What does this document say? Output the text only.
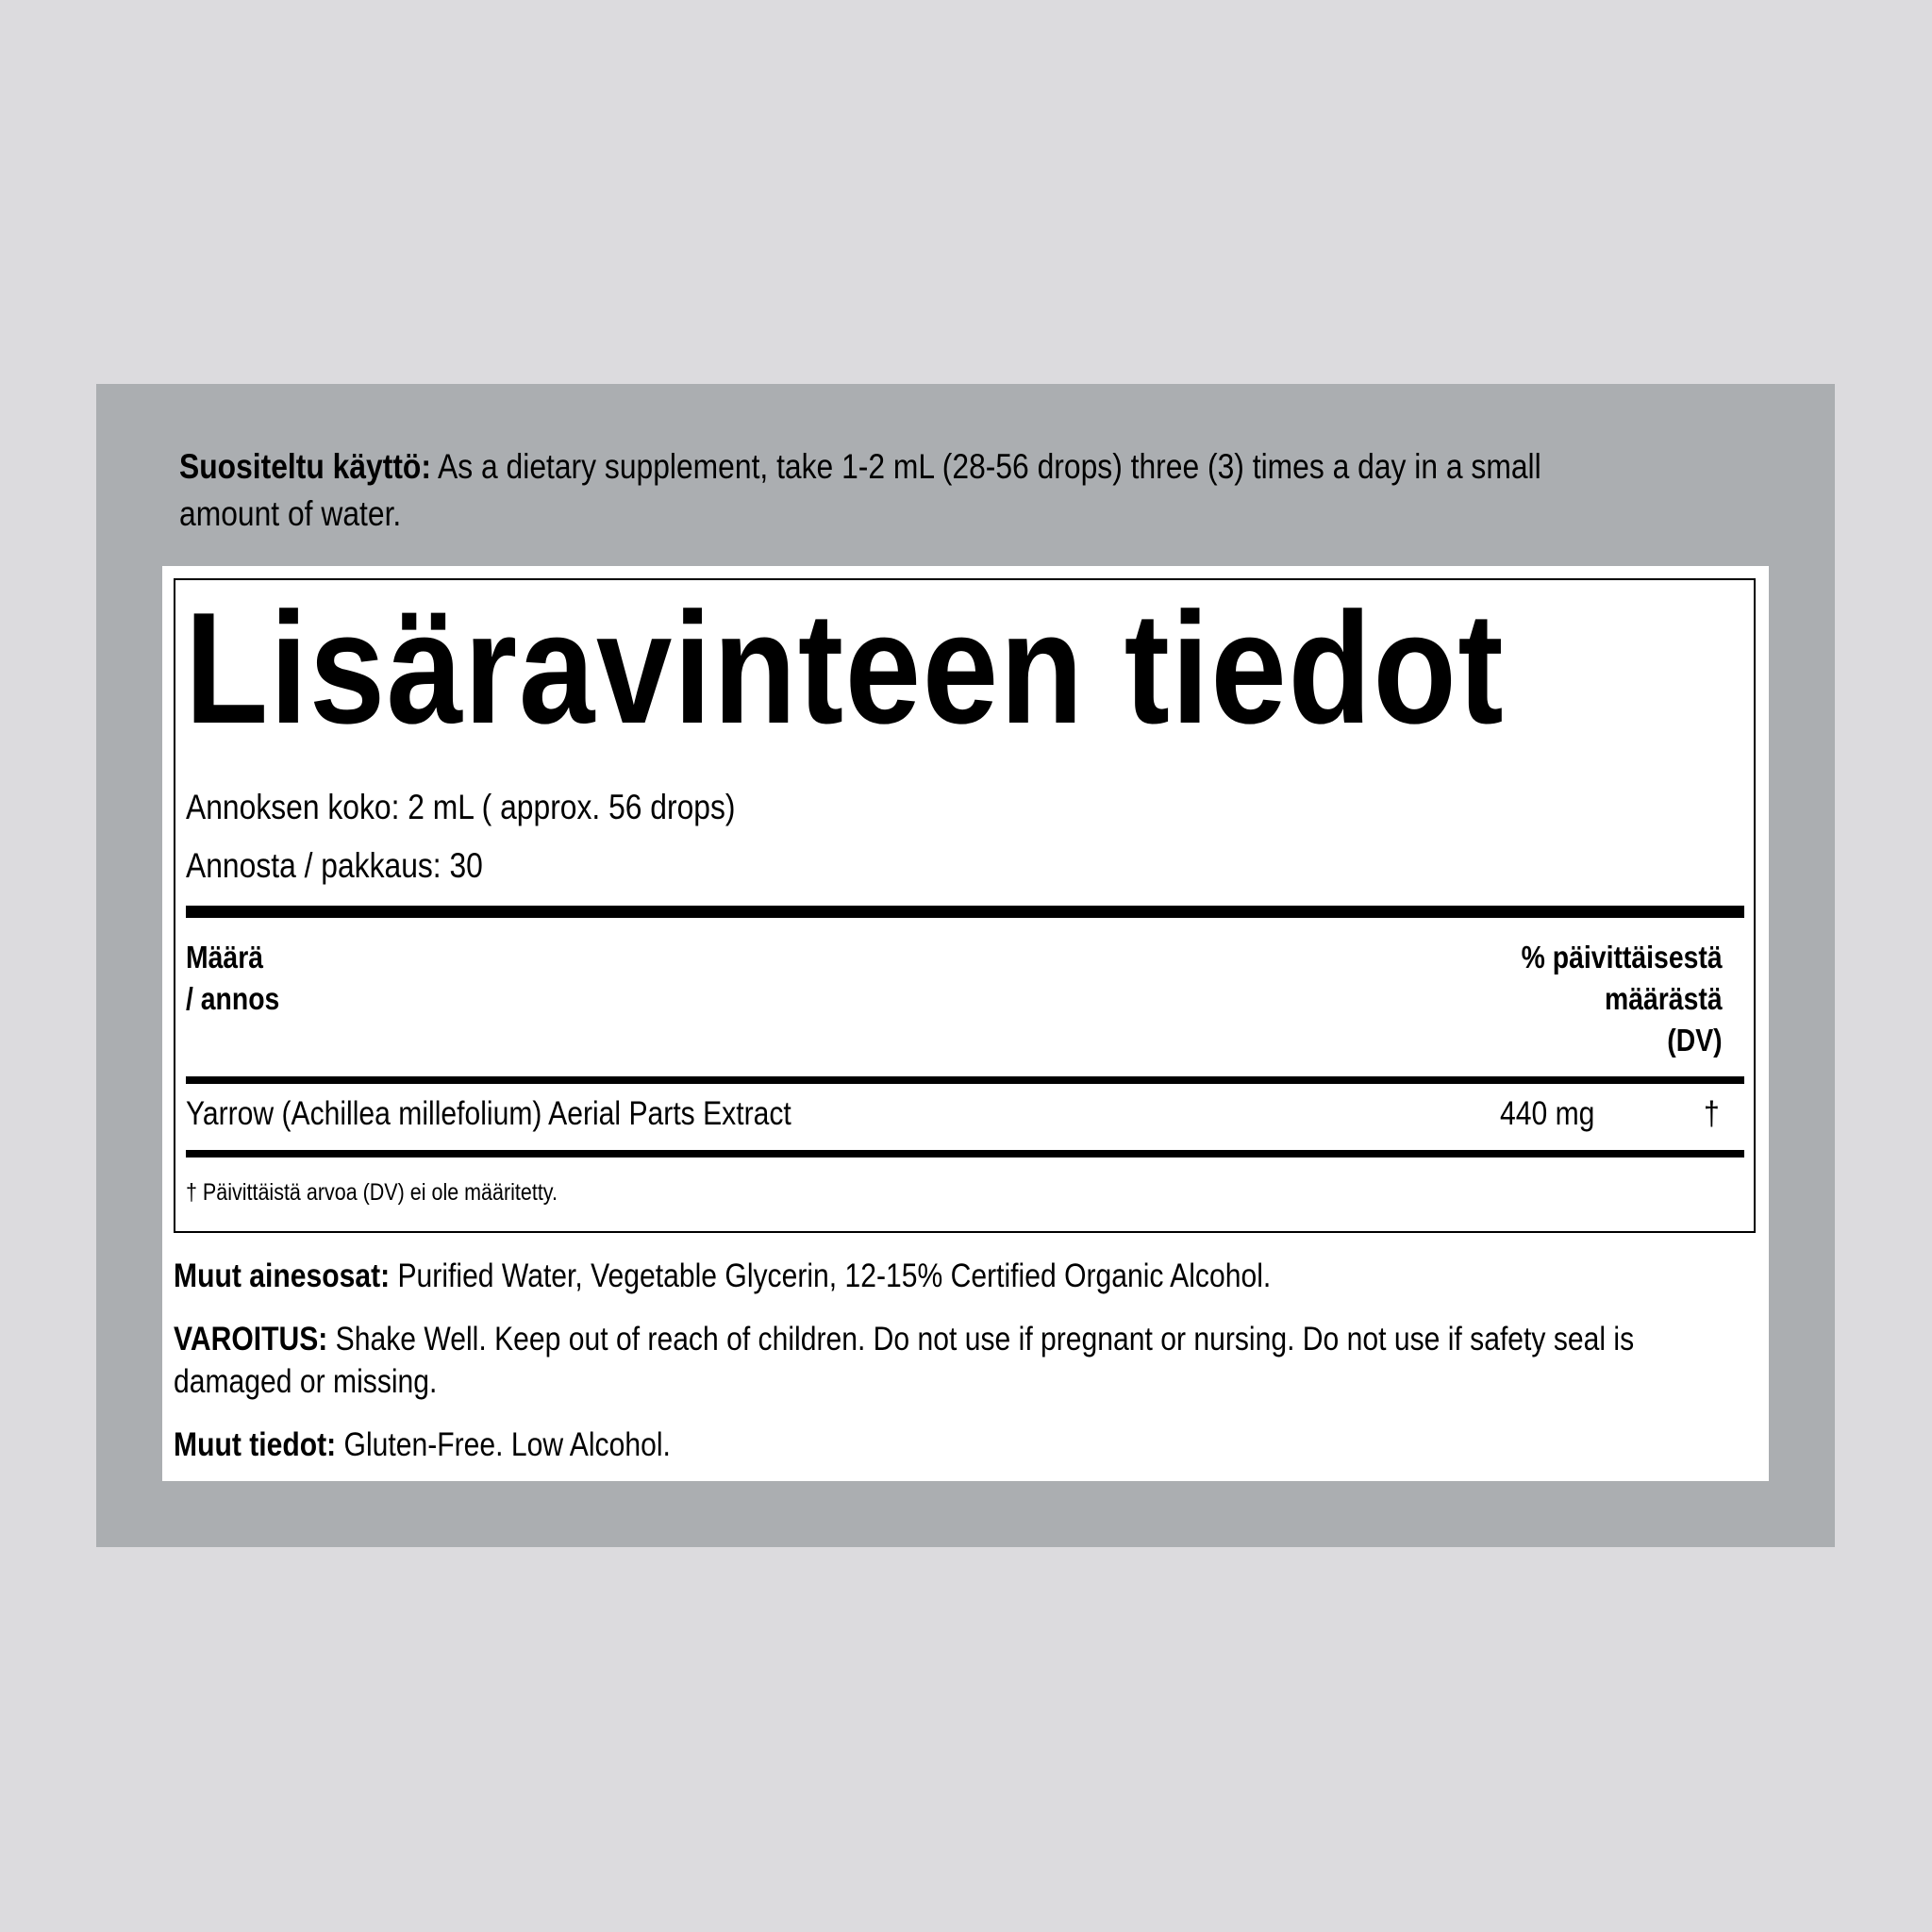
Suositeltu käyttö: As a dietary supplement, take 1-2 mL (28-56 drops) three (3) times a day in a small
amount of water.
Lisäravinteen tiedot
Annoksen koko: 2 mL ( approx. 56 drops)
Annosta / pakkaus: 30
Määrä
/ annos
% päivittäisestä
määrästä
(DV)
Yarrow (Achillea millefolium) Aerial Parts Extract	440 mg	†
† Päivittäistä arvoa (DV) ei ole määritetty.
Muut ainesosat: Purified Water, Vegetable Glycerin, 12-15% Certified Organic Alcohol.
VAROITUS: Shake Well. Keep out of reach of children. Do not use if pregnant or nursing. Do not use if safety seal is
damaged or missing.
Muut tiedot: Gluten-Free. Low Alcohol.
